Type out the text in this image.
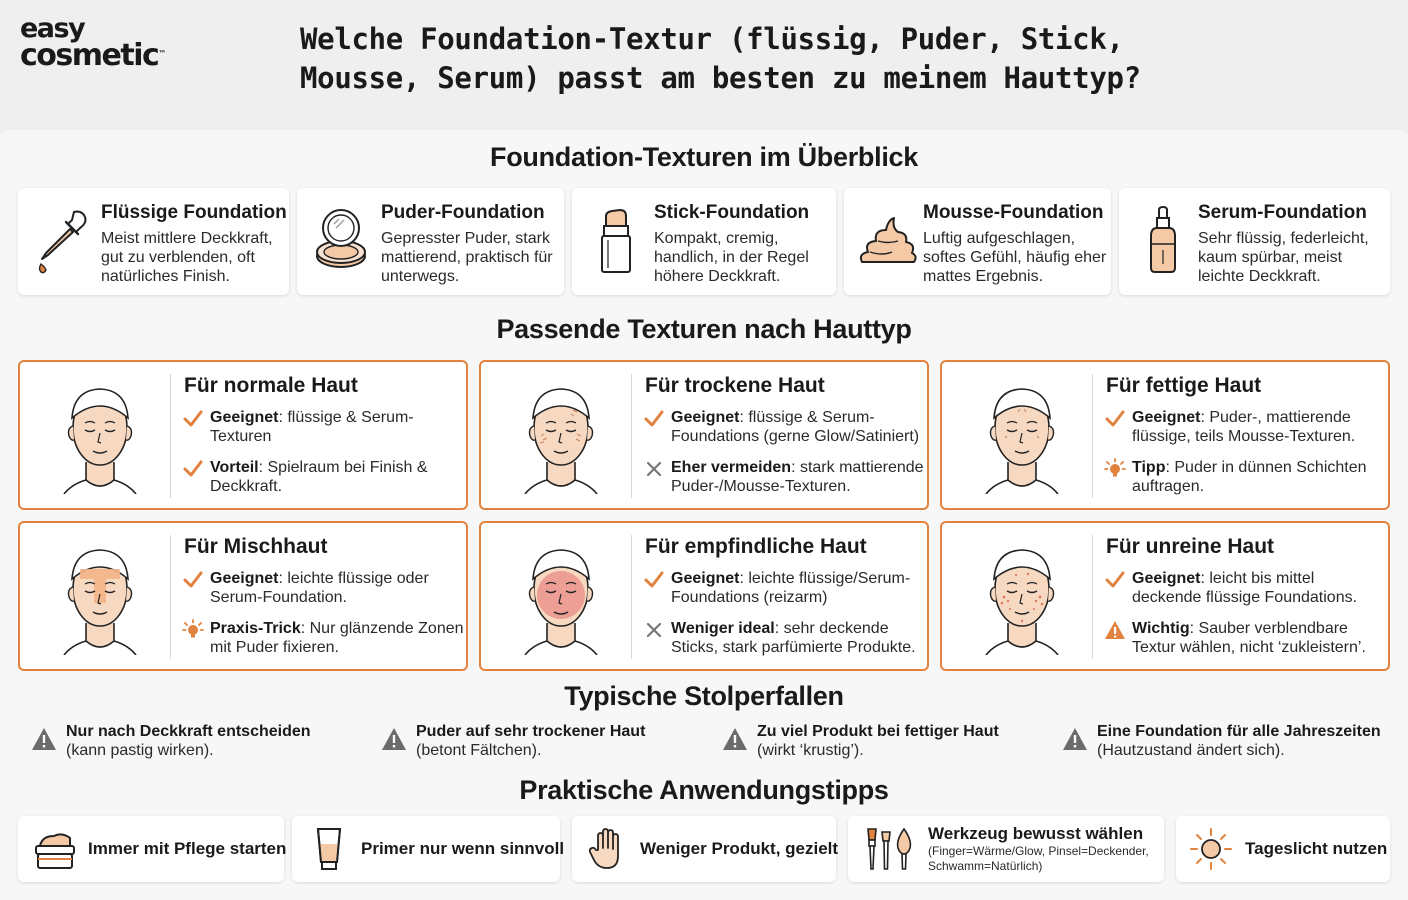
easy
cosmetic™	Welche Foundation-Textur (flüssig, Puder, Stick, Mousse, Serum) passt am besten zu meinem Hauttyp?
Foundation-Texturen im Überblick
Flüssige Foundation
Meist mittlere Deckkraft, gut zu verblenden, oft natürliches Finish.
Puder-Foundation
Gepresster Puder, stark mattierend, praktisch für unterwegs.
Stick-Foundation
Kompakt, cremig, handlich, in der Regel höhere Deckkraft.
Mousse-Foundation
Luftig aufgeschlagen, softes Gefühl, häufig eher mattes Ergebnis.
Serum-Foundation
Sehr flüssig, federleicht, kaum spürbar, meist leichte Deckkraft.
Passende Texturen nach Hauttyp
Für normale Haut
Geeignet: flüssige & Serum-Texturen
Vorteil: Spielraum bei Finish & Deckkraft.
Für trockene Haut
Geeignet: flüssige & Serum-Foundations (gerne Glow/Satiniert)
Eher vermeiden: stark mattierende Puder-/Mousse-Texturen.
Für fettige Haut
Geeignet: Puder-, mattierende flüssige, teils Mousse-Texturen.
Tipp: Puder in dünnen Schichten auftragen.
Für Mischhaut
Geeignet: leichte flüssige oder Serum-Foundation.
Praxis-Trick: Nur glänzende Zonen mit Puder fixieren.
Für empfindliche Haut
Geeignet: leichte flüssige/Serum-Foundations (reizarm)
Weniger ideal: sehr deckende Sticks, stark parfümierte Produkte.
Für unreine Haut
Geeignet: leicht bis mittel deckende flüssige Foundations.
Wichtig: Sauber verblendbare Textur wählen, nicht ‘zukleistern’.
Typische Stolperfallen
Nur nach Deckkraft entscheiden
(kann pastig wirken).
Puder auf sehr trockener Haut
(betont Fältchen).
Zu viel Produkt bei fettiger Haut
(wirkt ‘krustig’).
Eine Foundation für alle Jahreszeiten
(Hautzustand ändert sich).
Praktische Anwendungstipps
Immer mit Pflege starten	Primer nur wenn sinnvoll	Weniger Produkt, gezielt
Werkzeug bewusst wählen
(Finger=Wärme/Glow, Pinsel=Deckender, Schwamm=Natürlich)
Tageslicht nutzen
